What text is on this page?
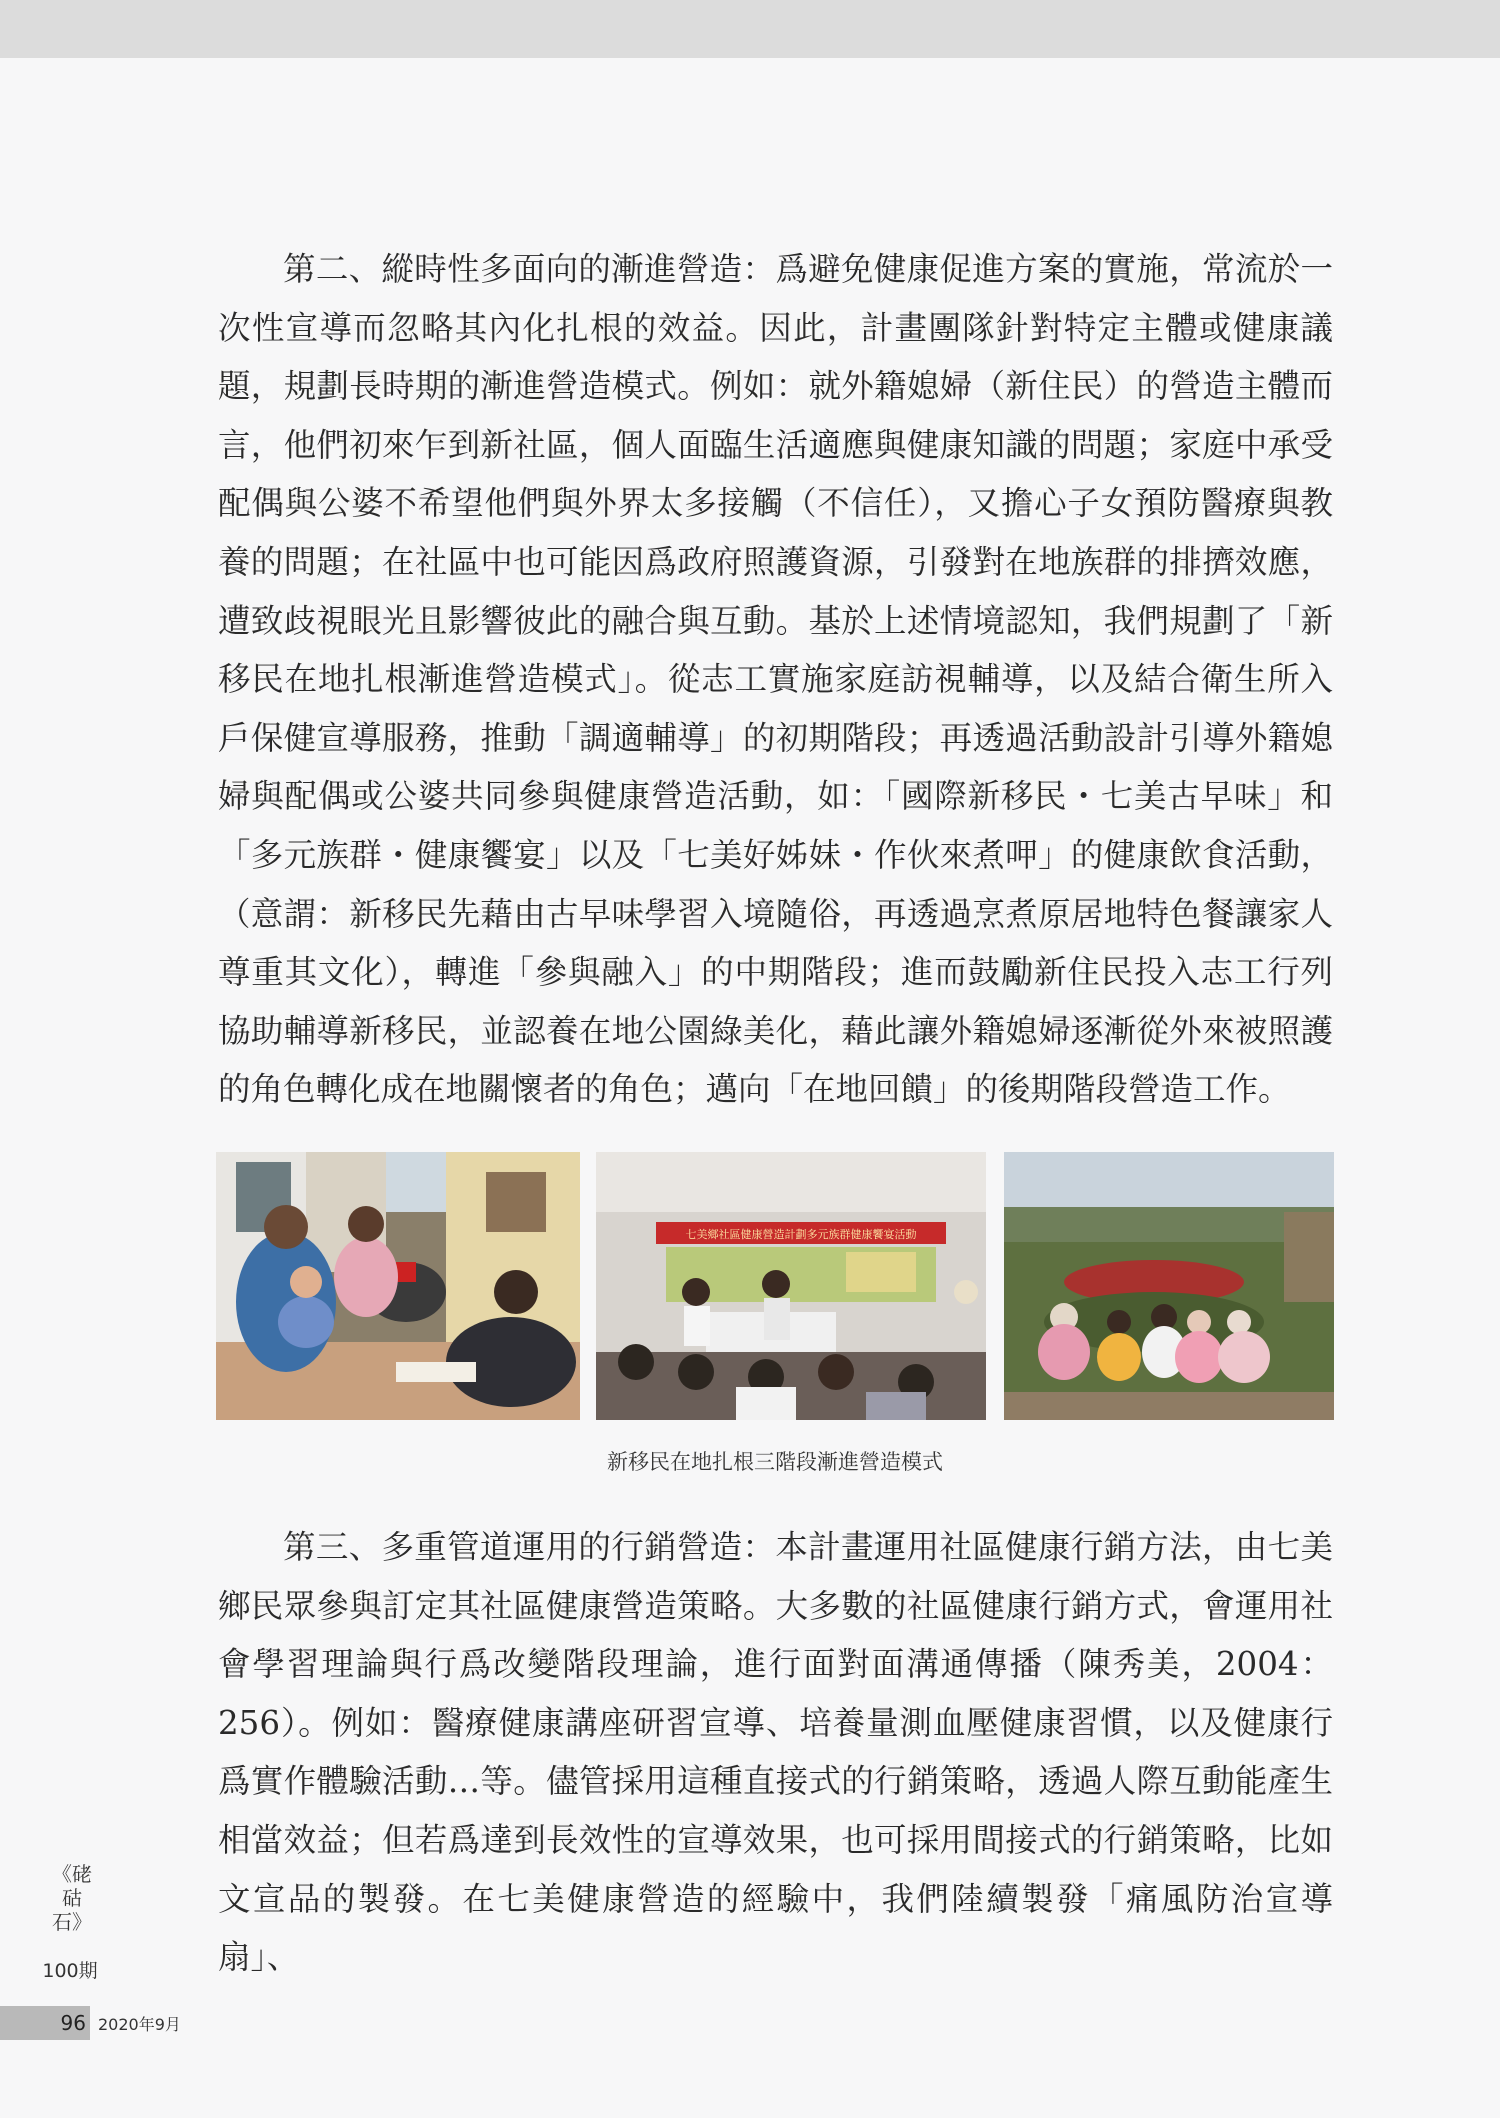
第二、縱時性多面向的漸進營造：爲避免健康促進方案的實施，常流於一次性宣導而忽略其內化扎根的效益。因此，計畫團隊針對特定主體或健康議題，規劃長時期的漸進營造模式。例如：就外籍媳婦（新住民）的營造主體而言，他們初來乍到新社區，個人面臨生活適應與健康知識的問題；家庭中承受配偶與公婆不希望他們與外界太多接觸（不信任），又擔心子女預防醫療與教養的問題；在社區中也可能因爲政府照護資源，引發對在地族群的排擠效應，遭致歧視眼光且影響彼此的融合與互動。基於上述情境認知，我們規劃了「新移民在地扎根漸進營造模式」。從志工實施家庭訪視輔導，以及結合衛生所入戶保健宣導服務，推動「調適輔導」的初期階段；再透過活動設計引導外籍媳婦與配偶或公婆共同參與健康營造活動，如：「國際新移民・七美古早味」和「多元族群・健康饗宴」以及「七美好姊妹・作伙來煮呷」的健康飲食活動，（意謂：新移民先藉由古早味學習入境隨俗，再透過烹煮原居地特色餐讓家人尊重其文化），轉進「參與融入」的中期階段；進而鼓勵新住民投入志工行列協助輔導新移民，並認養在地公園綠美化，藉此讓外籍媳婦逐漸從外來被照護的角色轉化成在地關懷者的角色；邁向「在地回饋」的後期階段營造工作。

七美鄉社區健康營造計劃多元族群健康饗宴活動
新移民在地扎根三階段漸進營造模式

第三、多重管道運用的行銷營造：本計畫運用社區健康行銷方法，由七美鄉民眾參與訂定其社區健康營造策略。大多數的社區健康行銷方式，會運用社會學習理論與行爲改變階段理論，進行面對面溝通傳播（陳秀美，2004：256）。例如：醫療健康講座研習宣導、培養量測血壓健康習慣，以及健康行爲實作體驗活動…等。儘管採用這種直接式的行銷策略，透過人際互動能產生相當效益；但若爲達到長效性的宣導效果，也可採用間接式的行銷策略，比如文宣品的製發。在七美健康營造的經驗中，我們陸續製發「痛風防治宣導扇」、

《硓𥑮石》
100期
96 2020年9月
